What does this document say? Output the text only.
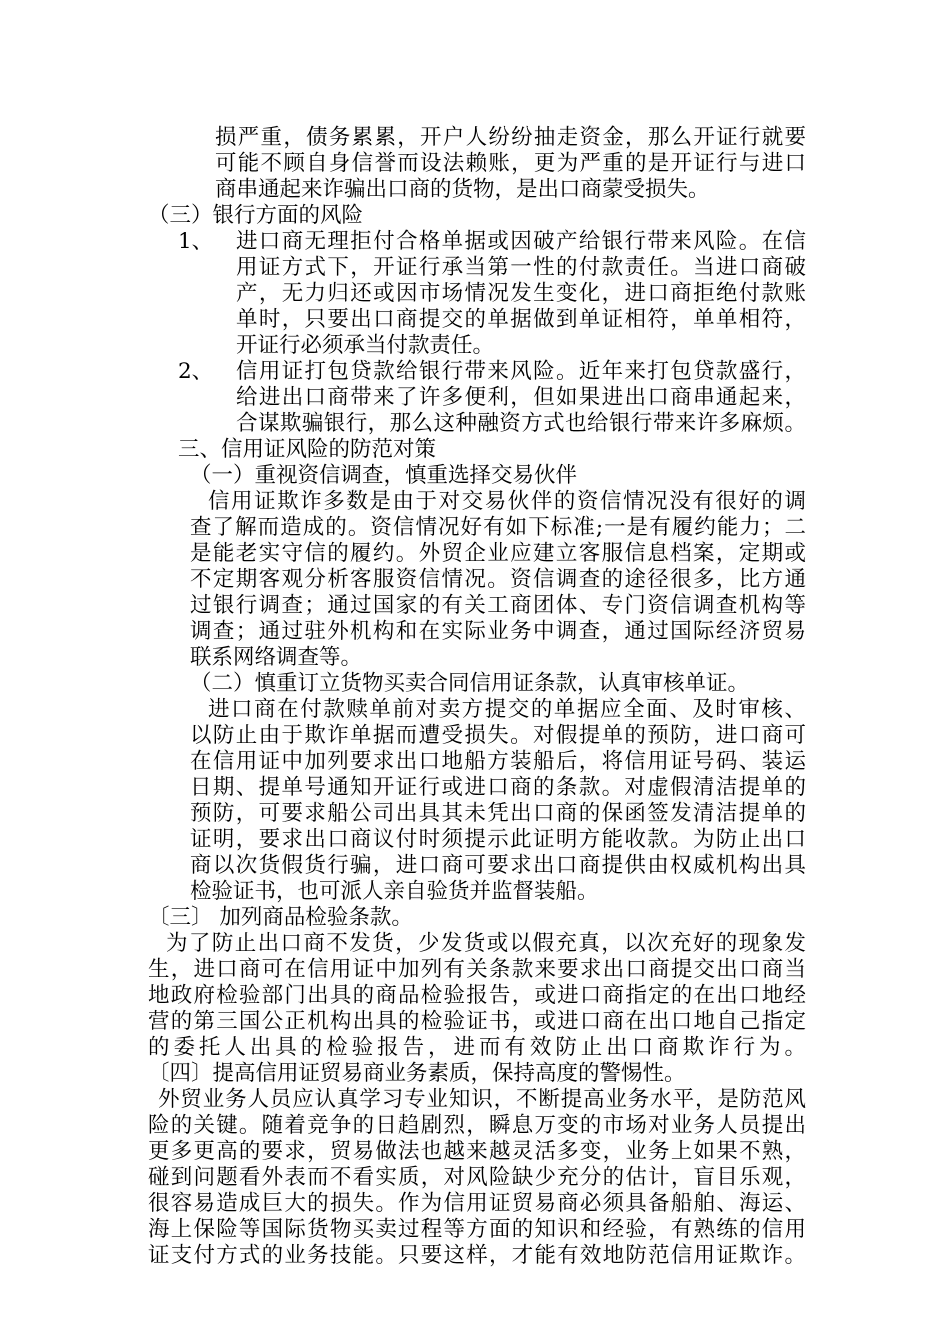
损严重，债务累累，开户人纷纷抽走资金，那么开证行就要
可能不顾自身信誉而设法赖账，更为严重的是开证行与进口
商串通起来诈骗出口商的货物，是出口商蒙受损失。
（三）银行方面的风险
1、 进口商无理拒付合格单据或因破产给银行带来风险。在信
用证方式下，开证行承当第一性的付款责任。当进口商破
产，无力归还或因市场情况发生变化，进口商拒绝付款账
单时，只要出口商提交的单据做到单证相符，单单相符，
开证行必须承当付款责任。
2、 信用证打包贷款给银行带来风险。近年来打包贷款盛行，
给进出口商带来了许多便利，但如果进出口商串通起来，
合谋欺骗银行，那么这种融资方式也给银行带来许多麻烦。
三、信用证风险的防范对策
（一）重视资信调查，慎重选择交易伙伴
信用证欺诈多数是由于对交易伙伴的资信情况没有很好的调
查了解而造成的。资信情况好有如下标准;一是有履约能力；二
是能老实守信的履约。外贸企业应建立客服信息档案，定期或
不定期客观分析客服资信情况。资信调查的途径很多，比方通
过银行调查；通过国家的有关工商团体、专门资信调查机构等
调查；通过驻外机构和在实际业务中调查，通过国际经济贸易
联系网络调查等。
（二）慎重订立货物买卖合同信用证条款，认真审核单证。
进口商在付款赎单前对卖方提交的单据应全面、及时审核、
以防止由于欺诈单据而遭受损失。对假提单的预防，进口商可
在信用证中加列要求出口地船方装船后，将信用证号码、装运
日期、提单号通知开证行或进口商的条款。对虚假清洁提单的
预防，可要求船公司出具其未凭出口商的保函签发清洁提单的
证明，要求出口商议付时须提示此证明方能收款。为防止出口
商以次货假货行骗，进口商可要求出口商提供由权威机构出具
检验证书，也可派人亲自验货并监督装船。
〔三〕 加列商品检验条款。
为了防止出口商不发货，少发货或以假充真，以次充好的现象发
生，进口商可在信用证中加列有关条款来要求出口商提交出口商当
地政府检验部门出具的商品检验报告，或进口商指定的在出口地经
营的第三国公正机构出具的检验证书，或进口商在出口地自己指定
的委托人出具的检验报告，进而有效防止出口商欺诈行为。
〔四〕提高信用证贸易商业务素质，保持高度的警惕性。
外贸业务人员应认真学习专业知识，不断提高业务水平，是防范风
险的关键。随着竞争的日趋剧烈，瞬息万变的市场对业务人员提出
更多更高的要求，贸易做法也越来越灵活多变，业务上如果不熟，
碰到问题看外表而不看实质，对风险缺少充分的估计，盲目乐观，
很容易造成巨大的损失。作为信用证贸易商必须具备船舶、海运、
海上保险等国际货物买卖过程等方面的知识和经验，有熟练的信用
证支付方式的业务技能。只要这样，才能有效地防范信用证欺诈。
